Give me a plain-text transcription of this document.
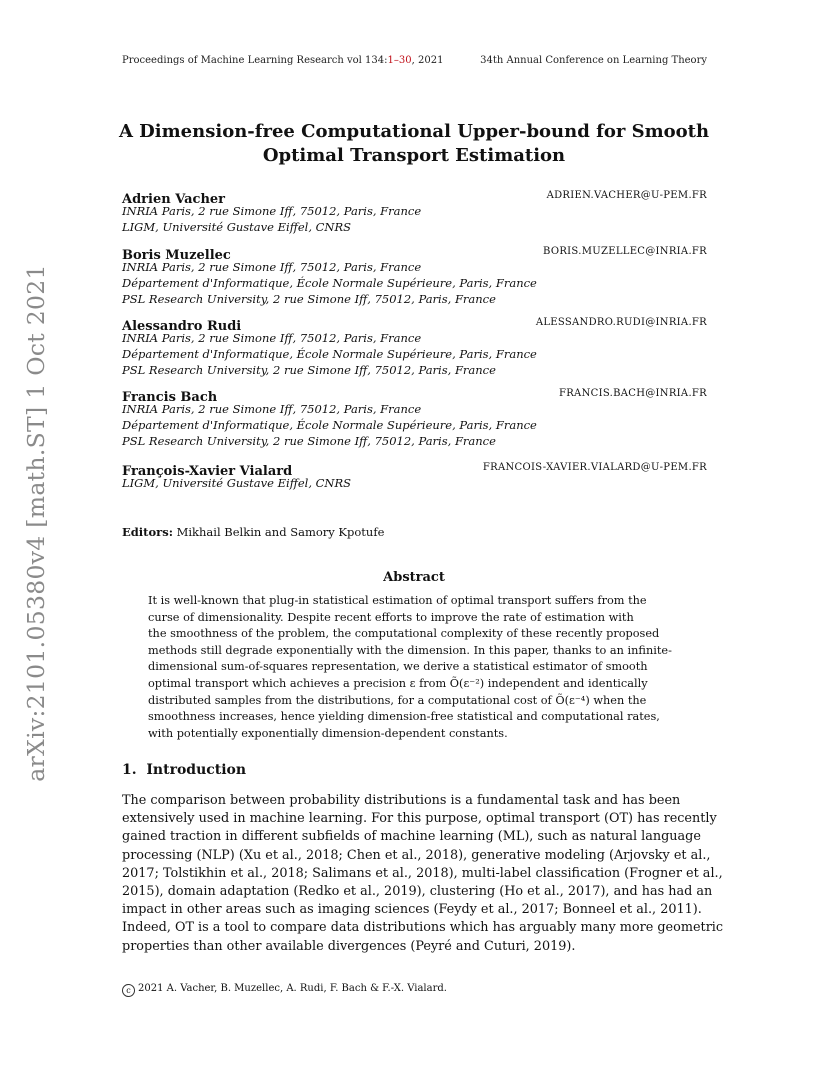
Proceedings of Machine Learning Research vol 134:1–30, 2021	34th Annual Conference on Learning Theory
arXiv:2101.05380v4 [math.ST] 1 Oct 2021
A Dimension-free Computational Upper-bound for Smooth
Optimal Transport Estimation
Adrien Vacher	ADRIEN.VACHER@U-PEM.FR
INRIA Paris, 2 rue Simone Iff, 75012, Paris, France
LIGM, Université Gustave Eiffel, CNRS
Boris Muzellec	BORIS.MUZELLEC@INRIA.FR
INRIA Paris, 2 rue Simone Iff, 75012, Paris, France
Département d'Informatique, École Normale Supérieure, Paris, France
PSL Research University, 2 rue Simone Iff, 75012, Paris, France
Alessandro Rudi	ALESSANDRO.RUDI@INRIA.FR
INRIA Paris, 2 rue Simone Iff, 75012, Paris, France
Département d'Informatique, École Normale Supérieure, Paris, France
PSL Research University, 2 rue Simone Iff, 75012, Paris, France
Francis Bach	FRANCIS.BACH@INRIA.FR
INRIA Paris, 2 rue Simone Iff, 75012, Paris, France
Département d'Informatique, École Normale Supérieure, Paris, France
PSL Research University, 2 rue Simone Iff, 75012, Paris, France
François-Xavier Vialard	FRANCOIS-XAVIER.VIALARD@U-PEM.FR
LIGM, Université Gustave Eiffel, CNRS
Editors: Mikhail Belkin and Samory Kpotufe
Abstract
It is well-known that plug-in statistical estimation of optimal transport suffers from the
curse of dimensionality. Despite recent efforts to improve the rate of estimation with
the smoothness of the problem, the computational complexity of these recently proposed
methods still degrade exponentially with the dimension. In this paper, thanks to an infinite-
dimensional sum-of-squares representation, we derive a statistical estimator of smooth
optimal transport which achieves a precision ε from Õ(ε⁻²) independent and identically
distributed samples from the distributions, for a computational cost of Õ(ε⁻⁴) when the
smoothness increases, hence yielding dimension-free statistical and computational rates,
with potentially exponentially dimension-dependent constants.
1. Introduction
The comparison between probability distributions is a fundamental task and has been
extensively used in machine learning. For this purpose, optimal transport (OT) has recently
gained traction in different subfields of machine learning (ML), such as natural language
processing (NLP) (Xu et al., 2018; Chen et al., 2018), generative modeling (Arjovsky et al.,
2017; Tolstikhin et al., 2018; Salimans et al., 2018), multi-label classification (Frogner et al.,
2015), domain adaptation (Redko et al., 2019), clustering (Ho et al., 2017), and has had an
impact in other areas such as imaging sciences (Feydy et al., 2017; Bonneel et al., 2011).
Indeed, OT is a tool to compare data distributions which has arguably many more geometric
properties than other available divergences (Peyré and Cuturi, 2019).
c 2021 A. Vacher, B. Muzellec, A. Rudi, F. Bach & F.-X. Vialard.
